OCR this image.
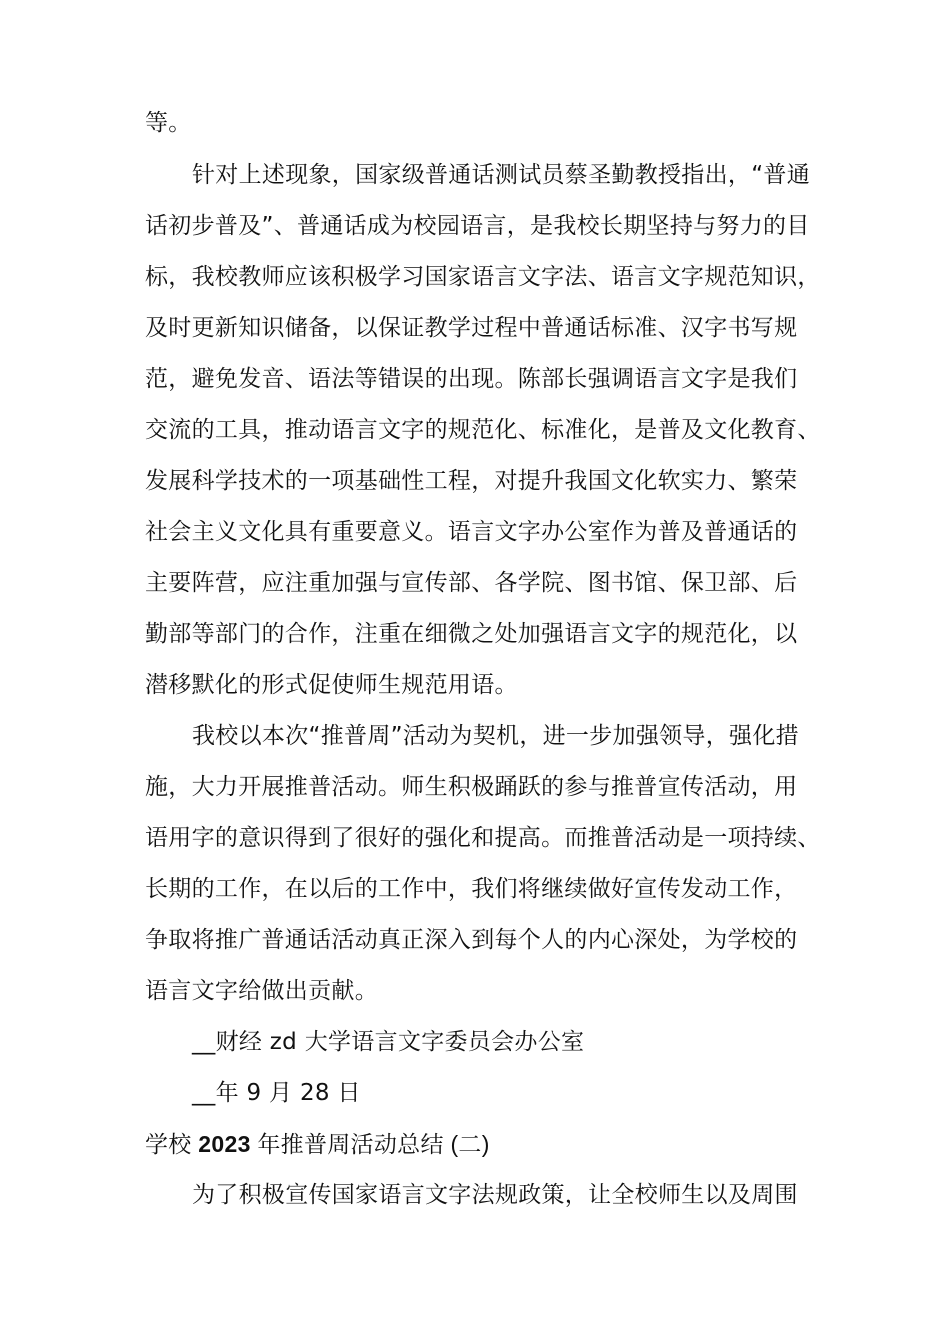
等。
针对上述现象，国家级普通话测试员蔡圣勤教授指出，“普通
话初步普及”、普通话成为校园语言，是我校长期坚持与努力的目
标，我校教师应该积极学习国家语言文字法、语言文字规范知识，
及时更新知识储备，以保证教学过程中普通话标准、汉字书写规
范，避免发音、语法等错误的出现。陈部长强调语言文字是我们
交流的工具，推动语言文字的规范化、标准化，是普及文化教育、
发展科学技术的一项基础性工程，对提升我国文化软实力、繁荣
社会主义文化具有重要意义。语言文字办公室作为普及普通话的
主要阵营，应注重加强与宣传部、各学院、图书馆、保卫部、后
勤部等部门的合作，注重在细微之处加强语言文字的规范化，以
潜移默化的形式促使师生规范用语。
我校以本次“推普周”活动为契机，进一步加强领导，强化措
施，大力开展推普活动。师生积极踊跃的参与推普宣传活动，用
语用字的意识得到了很好的强化和提高。而推普活动是一项持续、
长期的工作，在以后的工作中，我们将继续做好宣传发动工作，
争取将推广普通话活动真正深入到每个人的内心深处，为学校的
语言文字给做出贡献。
__财经 zd 大学语言文字委员会办公室
__年 9 月 28 日
学校 2023 年推普周活动总结 (二)
为了积极宣传国家语言文字法规政策，让全校师生以及周围
